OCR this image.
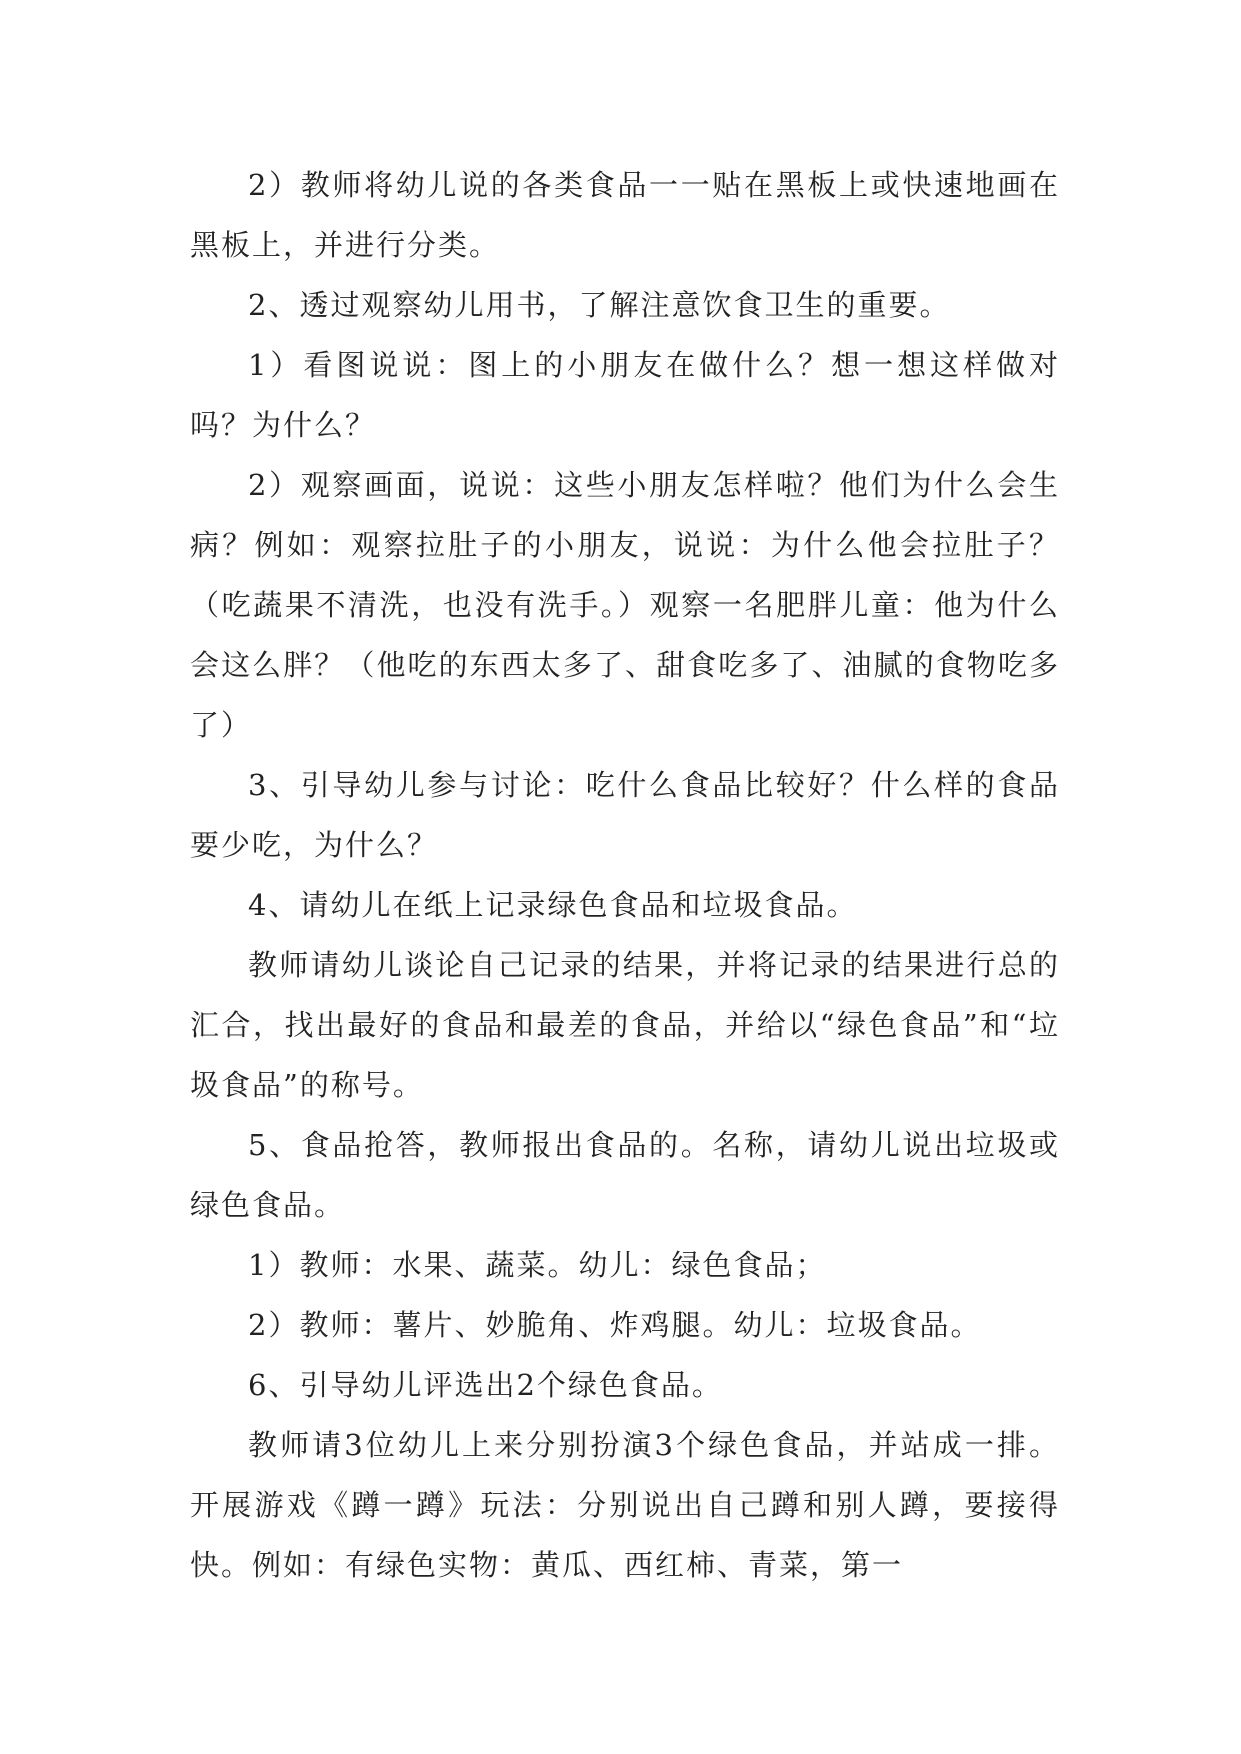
2）教师将幼儿说的各类食品一一贴在黑板上或快速地画在黑板上，并进行分类。

2、透过观察幼儿用书，了解注意饮食卫生的重要。

1）看图说说：图上的小朋友在做什么？想一想这样做对吗？为什么？

2）观察画面，说说：这些小朋友怎样啦？他们为什么会生病？例如：观察拉肚子的小朋友，说说：为什么他会拉肚子？（吃蔬果不清洗，也没有洗手。）观察一名肥胖儿童：他为什么会这么胖？（他吃的东西太多了、甜食吃多了、油腻的食物吃多了）

3、引导幼儿参与讨论：吃什么食品比较好？什么样的食品要少吃，为什么？

4、请幼儿在纸上记录绿色食品和垃圾食品。

教师请幼儿谈论自己记录的结果，并将记录的结果进行总的汇合，找出最好的食品和最差的食品，并给以“绿色食品”和“垃圾食品”的称号。

5、食品抢答，教师报出食品的。名称，请幼儿说出垃圾或绿色食品。

1）教师：水果、蔬菜。幼儿：绿色食品；

2）教师：薯片、妙脆角、炸鸡腿。幼儿：垃圾食品。

6、引导幼儿评选出2个绿色食品。

教师请3位幼儿上来分别扮演3个绿色食品，并站成一排。开展游戏《蹲一蹲》玩法：分别说出自己蹲和别人蹲，要接得快。例如：有绿色实物：黄瓜、西红柿、青菜，第一
